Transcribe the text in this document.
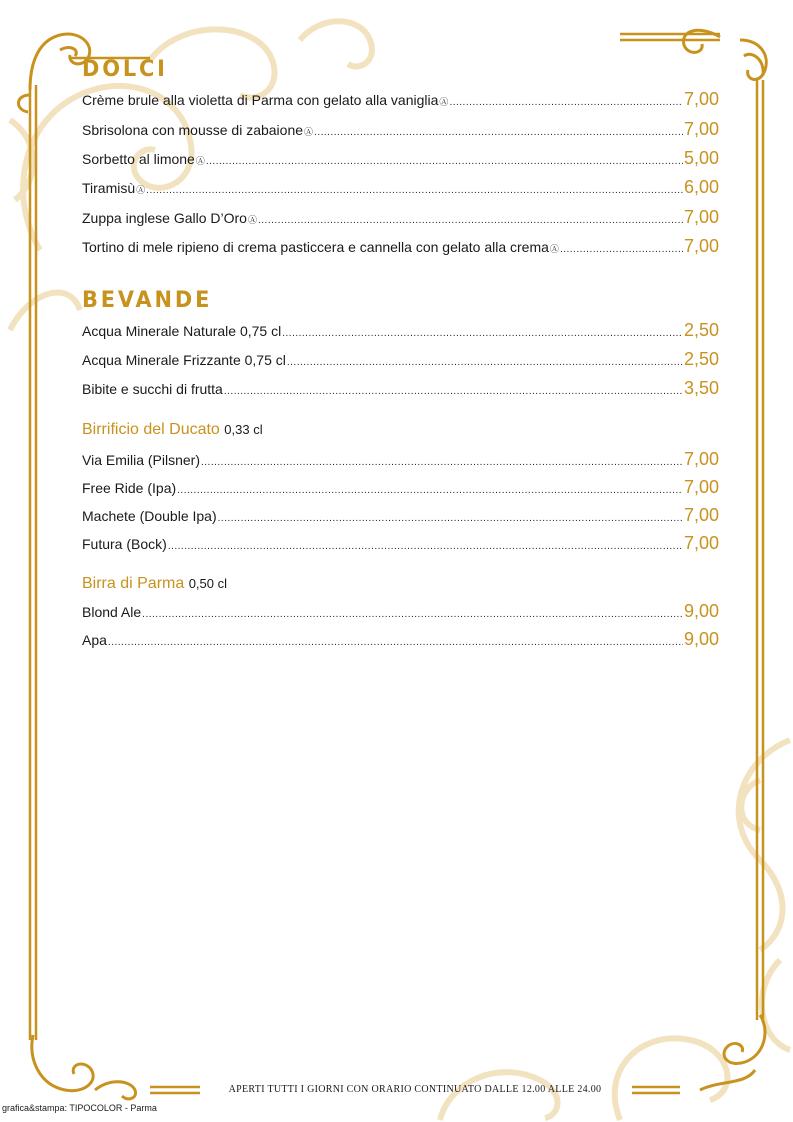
DOLCI
Crème brule alla violetta di Parma con gelato alla vaniglia Ⓐ .....	7,00
Sbrisolona con mousse di zabaione Ⓐ .....	7,00
Sorbetto al limone Ⓐ .....	5,00
Tiramisù Ⓐ .....	6,00
Zuppa inglese Gallo D’Oro Ⓐ .....	7,00
Tortino di mele ripieno di crema pasticcera e cannella con gelato alla crema Ⓐ .....	7,00
BEVANDE
Acqua Minerale Naturale 0,75 cl .....	2,50
Acqua Minerale Frizzante 0,75 cl .....	2,50
Bibite e succhi di frutta .....	3,50
Birrificio del Ducato 0,33 cl
Via Emilia (Pilsner) .....	7,00
Free Ride (Ipa) .....	7,00
Machete (Double Ipa) .....	7,00
Futura (Bock) .....	7,00
Birra di Parma 0,50 cl
Blond Ale .....	9,00
Apa .....	9,00
APERTI TUTTI I GIORNI CON ORARIO CONTINUATO DALLE 12.00 ALLE 24.00
grafica&stampa: TIPOCOLOR - Parma
